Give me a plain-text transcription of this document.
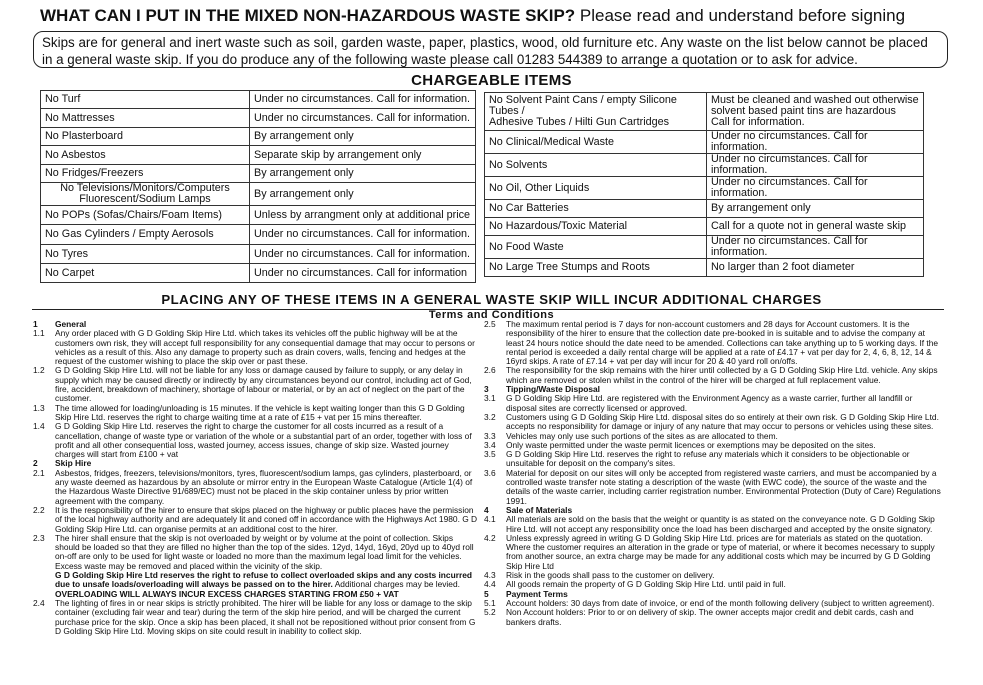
WHAT CAN I PUT IN THE MIXED NON-HAZARDOUS WASTE SKIP? Please read and understand before signing
Skips are for general and inert waste such as soil, garden waste, paper, plastics, wood, old furniture etc. Any waste on the list below cannot be placed in a general waste skip. If you do produce any of the following waste please call 01283 544389 to arrange a quotation or to ask for advice.
CHARGEABLE ITEMS
No Turf	Under no circumstances. Call for information.
No Mattresses	Under no circumstances. Call for information.
No Plasterboard	By arrangement only
No Asbestos	Separate skip by arrangement only
No Fridges/Freezers	By arrangement only
No Televisions/Monitors/Computers
Fluorescent/Sodium Lamps	By arrangement only
No POPs (Sofas/Chairs/Foam Items)	Unless by arrangment only at additional price
No Gas Cylinders / Empty Aerosols	Under no circumstances. Call for information.
No Tyres	Under no circumstances. Call for information.
No Carpet	Under no circumstances. Call for information
No Solvent Paint Cans / empty Silicone Tubes /
Adhesive Tubes / Hilti Gun Cartridges	Must be cleaned and washed out otherwise
solvent based paint tins are hazardous
Call for information.
No Clinical/Medical Waste	Under no circumstances. Call for information.
No Solvents	Under no circumstances. Call for information.
No Oil, Other Liquids	Under no circumstances. Call for information.
No Car Batteries	By arrangement only
No Hazardous/Toxic Material	Call for a quote not in general waste skip
No Food Waste	Under no circumstances. Call for information.
No Large Tree Stumps and Roots	No larger than 2 foot diameter
PLACING ANY OF THESE ITEMS IN A GENERAL WASTE SKIP WILL INCUR ADDITIONAL CHARGES
Terms and Conditions
1 General

1.1 Any order placed with G D Golding Skip Hire Ltd. which takes its vehicles off the public highway will be at the customers own risk, they will accept full responsibility for any consequential damage that may occur to persons or vehicles as a result of this. Also any damage to property such as drain covers, walls, fencing and hedges at the request of the customer wishing to place the skip over or past these.

1.2 G D Golding Skip Hire Ltd. will not be liable for any loss or damage caused by failure to supply, or any delay in supply which may be caused directly or indirectly by any circumstances beyond our control, including act of God, fire, accident, breakdown of machinery, shortage of labour or material, or by an act of neglect on the part of the customer.

1.3 The time allowed for loading/unloading is 15 minutes. If the vehicle is kept waiting longer than this G D Golding Skip Hire Ltd. reserves the right to charge waiting time at a rate of £15 + vat per 15 mins thereafter.

1.4 G D Golding Skip Hire Ltd. reserves the right to charge the customer for all costs incurred as a result of a cancellation, change of waste type or variation of the whole or a substantial part of an order, together with loss of profit and all other consequential loss, wasted journey, access issues, change of skip size. Wasted journey charges will start from £100 + vat

2 Skip Hire

2.1 Asbestos, fridges, freezers, televisions/monitors, tyres, fluorescent/sodium lamps, gas cylinders, plasterboard, or any waste deemed as hazardous by an absolute or mirror entry in the European Waste Catalogue (Article 1(4) of the Hazardous Waste Directive 91/689/EC) must not be placed in the skip container unless by prior written agreement with the company.

2.2 It is the responsibility of the hirer to ensure that skips placed on the highway or public places have the permission of the local highway authority and are adequately lit and coned off in accordance with the Highways Act 1980. G D Golding Skip Hire Ltd. can organise permits at an additional cost to the hirer.

2.3 The hirer shall ensure that the skip is not overloaded by weight or by volume at the point of collection. Skips should be loaded so that they are filled no higher than the top of the sides. 12yd, 14yd, 16yd, 20yd up to 40yd roll on-off are only to be used for light waste or loaded no more than the maximum legal load limit for the vehicles. Excess waste may be removed and placed within the vicinity of the skip.
G D Golding Skip Hire Ltd reserves the right to refuse to collect overloaded skips and any costs incurred due to unsafe loads/overloading will always be passed on to the hirer. Additional charges may be levied.
OVERLOADING WILL ALWAYS INCUR EXCESS CHARGES STARTING FROM £50 + VAT

2.4 The lighting of fires in or near skips is strictly prohibited. The hirer will be liable for any loss or damage to the skip container (excluding fair wear and tear) during the term of the skip hire period, and will be charged the current purchase price for the skip. Once a skip has been placed, it shall not be repositioned without prior consent from G D Golding Skip Hire Ltd. Moving skips on site could result in inability to collect skip.

2.5 The maximum rental period is 7 days for non-account customers and 28 days for Account customers. It is the responsibility of the hirer to ensure that the collection date pre-booked in is suitable and to advise the company at least 24 hours notice should the date need to be amended. Collections can take anything up to 5 working days. If the rental period is exceeded a daily rental charge will be applied at a rate of £4.17 + vat per day for 2, 4, 6, 8, 12, 14 & 16yrd skips. A rate of £7.14 + vat per day will incur for 20 & 40 yard roll on/offs.

2.6 The responsibility for the skip remains with the hirer until collected by a G D Golding Skip Hire Ltd. vehicle. Any skips which are removed or stolen whilst in the control of the hirer will be charged at full replacement value.

3 Tipping/Waste Disposal

3.1 G D Golding Skip Hire Ltd. are registered with the Environment Agency as a waste carrier, further all landfill or disposal sites are correctly licensed or approved.

3.2 Customers using G D Golding Skip Hire Ltd. disposal sites do so entirely at their own risk. G D Golding Skip Hire Ltd. accepts no responsibility for damage or injury of any nature that may occur to persons or vehicles using these sites.

3.3 Vehicles may only use such portions of the sites as are allocated to them.

3.4 Only waste permitted under the waste permit licences or exemptions may be deposited on the sites.

3.5 G D Golding Skip Hire Ltd. reserves the right to refuse any materials which it considers to be objectionable or unsuitable for deposit on the company's sites.

3.6 Material for deposit on our sites will only be accepted from registered waste carriers, and must be accompanied by a controlled waste transfer note stating a description of the waste (with EWC code), the source of the waste and the details of the waste carrier, including carrier registration number. Environmental Protection (Duty of Care) Regulations 1991.

4 Sale of Materials

4.1 All materials are sold on the basis that the weight or quantity is as stated on the conveyance note. G D Golding Skip Hire Ltd. will not accept any responsibility once the load has been discharged and accepted by the onsite signatory.

4.2 Unless expressly agreed in writing G D Golding Skip Hire Ltd. prices are for materials as stated on the quotation. Where the customer requires an alteration in the grade or type of material, or where it becomes necessary to supply from another source, an extra charge may be made for any additional costs which may be incurred by G D Golding Skip Hire Ltd

4.3 Risk in the goods shall pass to the customer on delivery.

4.4 All goods remain the property of G D Golding Skip Hire Ltd. until paid in full.

5 Payment Terms

5.1 Account holders: 30 days from date of invoice, or end of the month following delivery (subject to written agreement).

5.2 Non Account holders: Prior to or on delivery of skip. The owner accepts major credit and debit cards, cash and bankers drafts.
